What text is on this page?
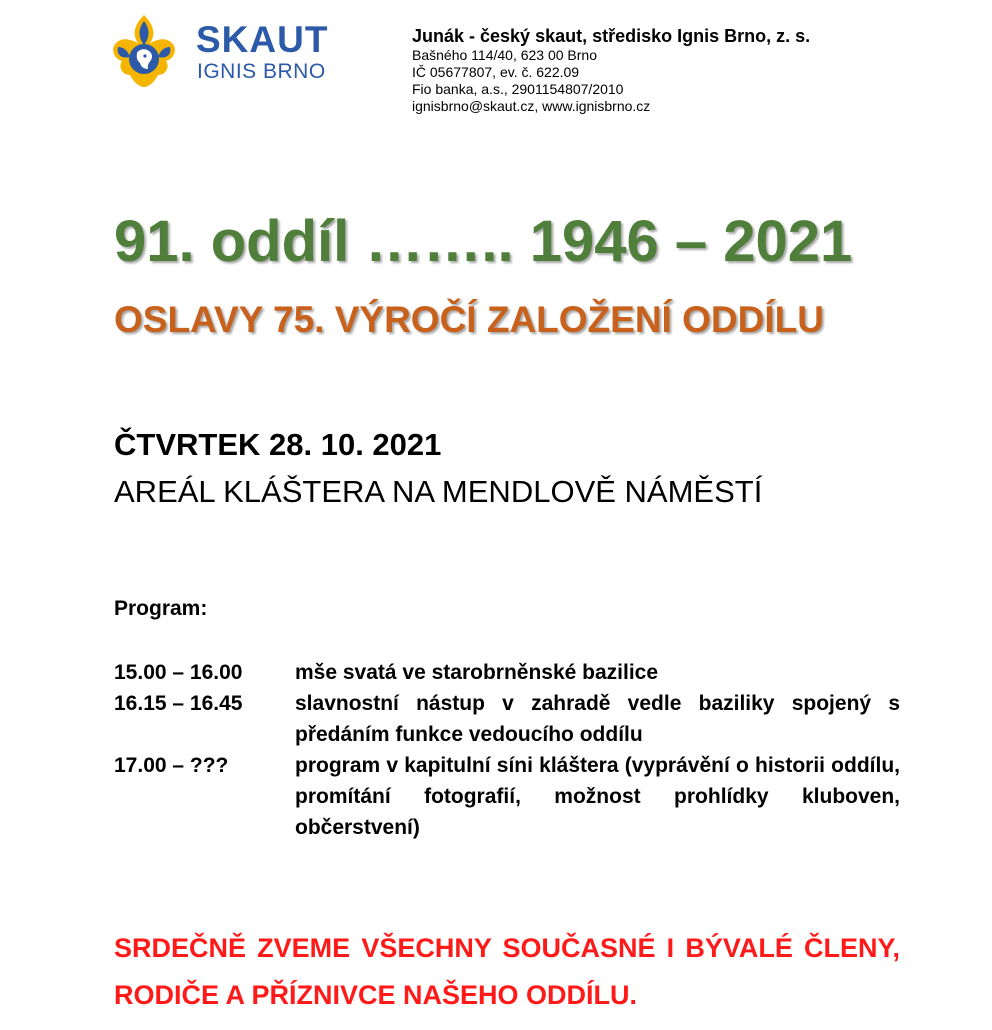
SKAUT
IGNIS BRNO
Junák - český skaut, středisko Ignis Brno, z. s.
Bašného 114/40, 623 00 Brno
IČ 05677807, ev. č. 622.09
Fio banka, a.s., 2901154807/2010
ignisbrno@skaut.cz, www.ignisbrno.cz
91. oddíl …….. 1946 – 2021
OSLAVY 75. VÝROČÍ ZALOŽENÍ ODDÍLU
ČTVRTEK 28. 10. 2021
AREÁL KLÁŠTERA NA MENDLOVĚ NÁMĚSTÍ
Program:
15.00 – 16.00	mše svatá ve starobrněnské bazilice
16.15 – 16.45	slavnostní nástup v zahradě vedle baziliky spojený s předáním funkce vedoucího oddílu
17.00 – ???	program v kapitulní síni kláštera (vyprávění o historii oddílu, promítání fotografií, možnost prohlídky kluboven, občerstvení)
SRDEČNĚ ZVEME VŠECHNY SOUČASNÉ I BÝVALÉ ČLENY, RODIČE A PŘÍZNIVCE NAŠEHO ODDÍLU.
